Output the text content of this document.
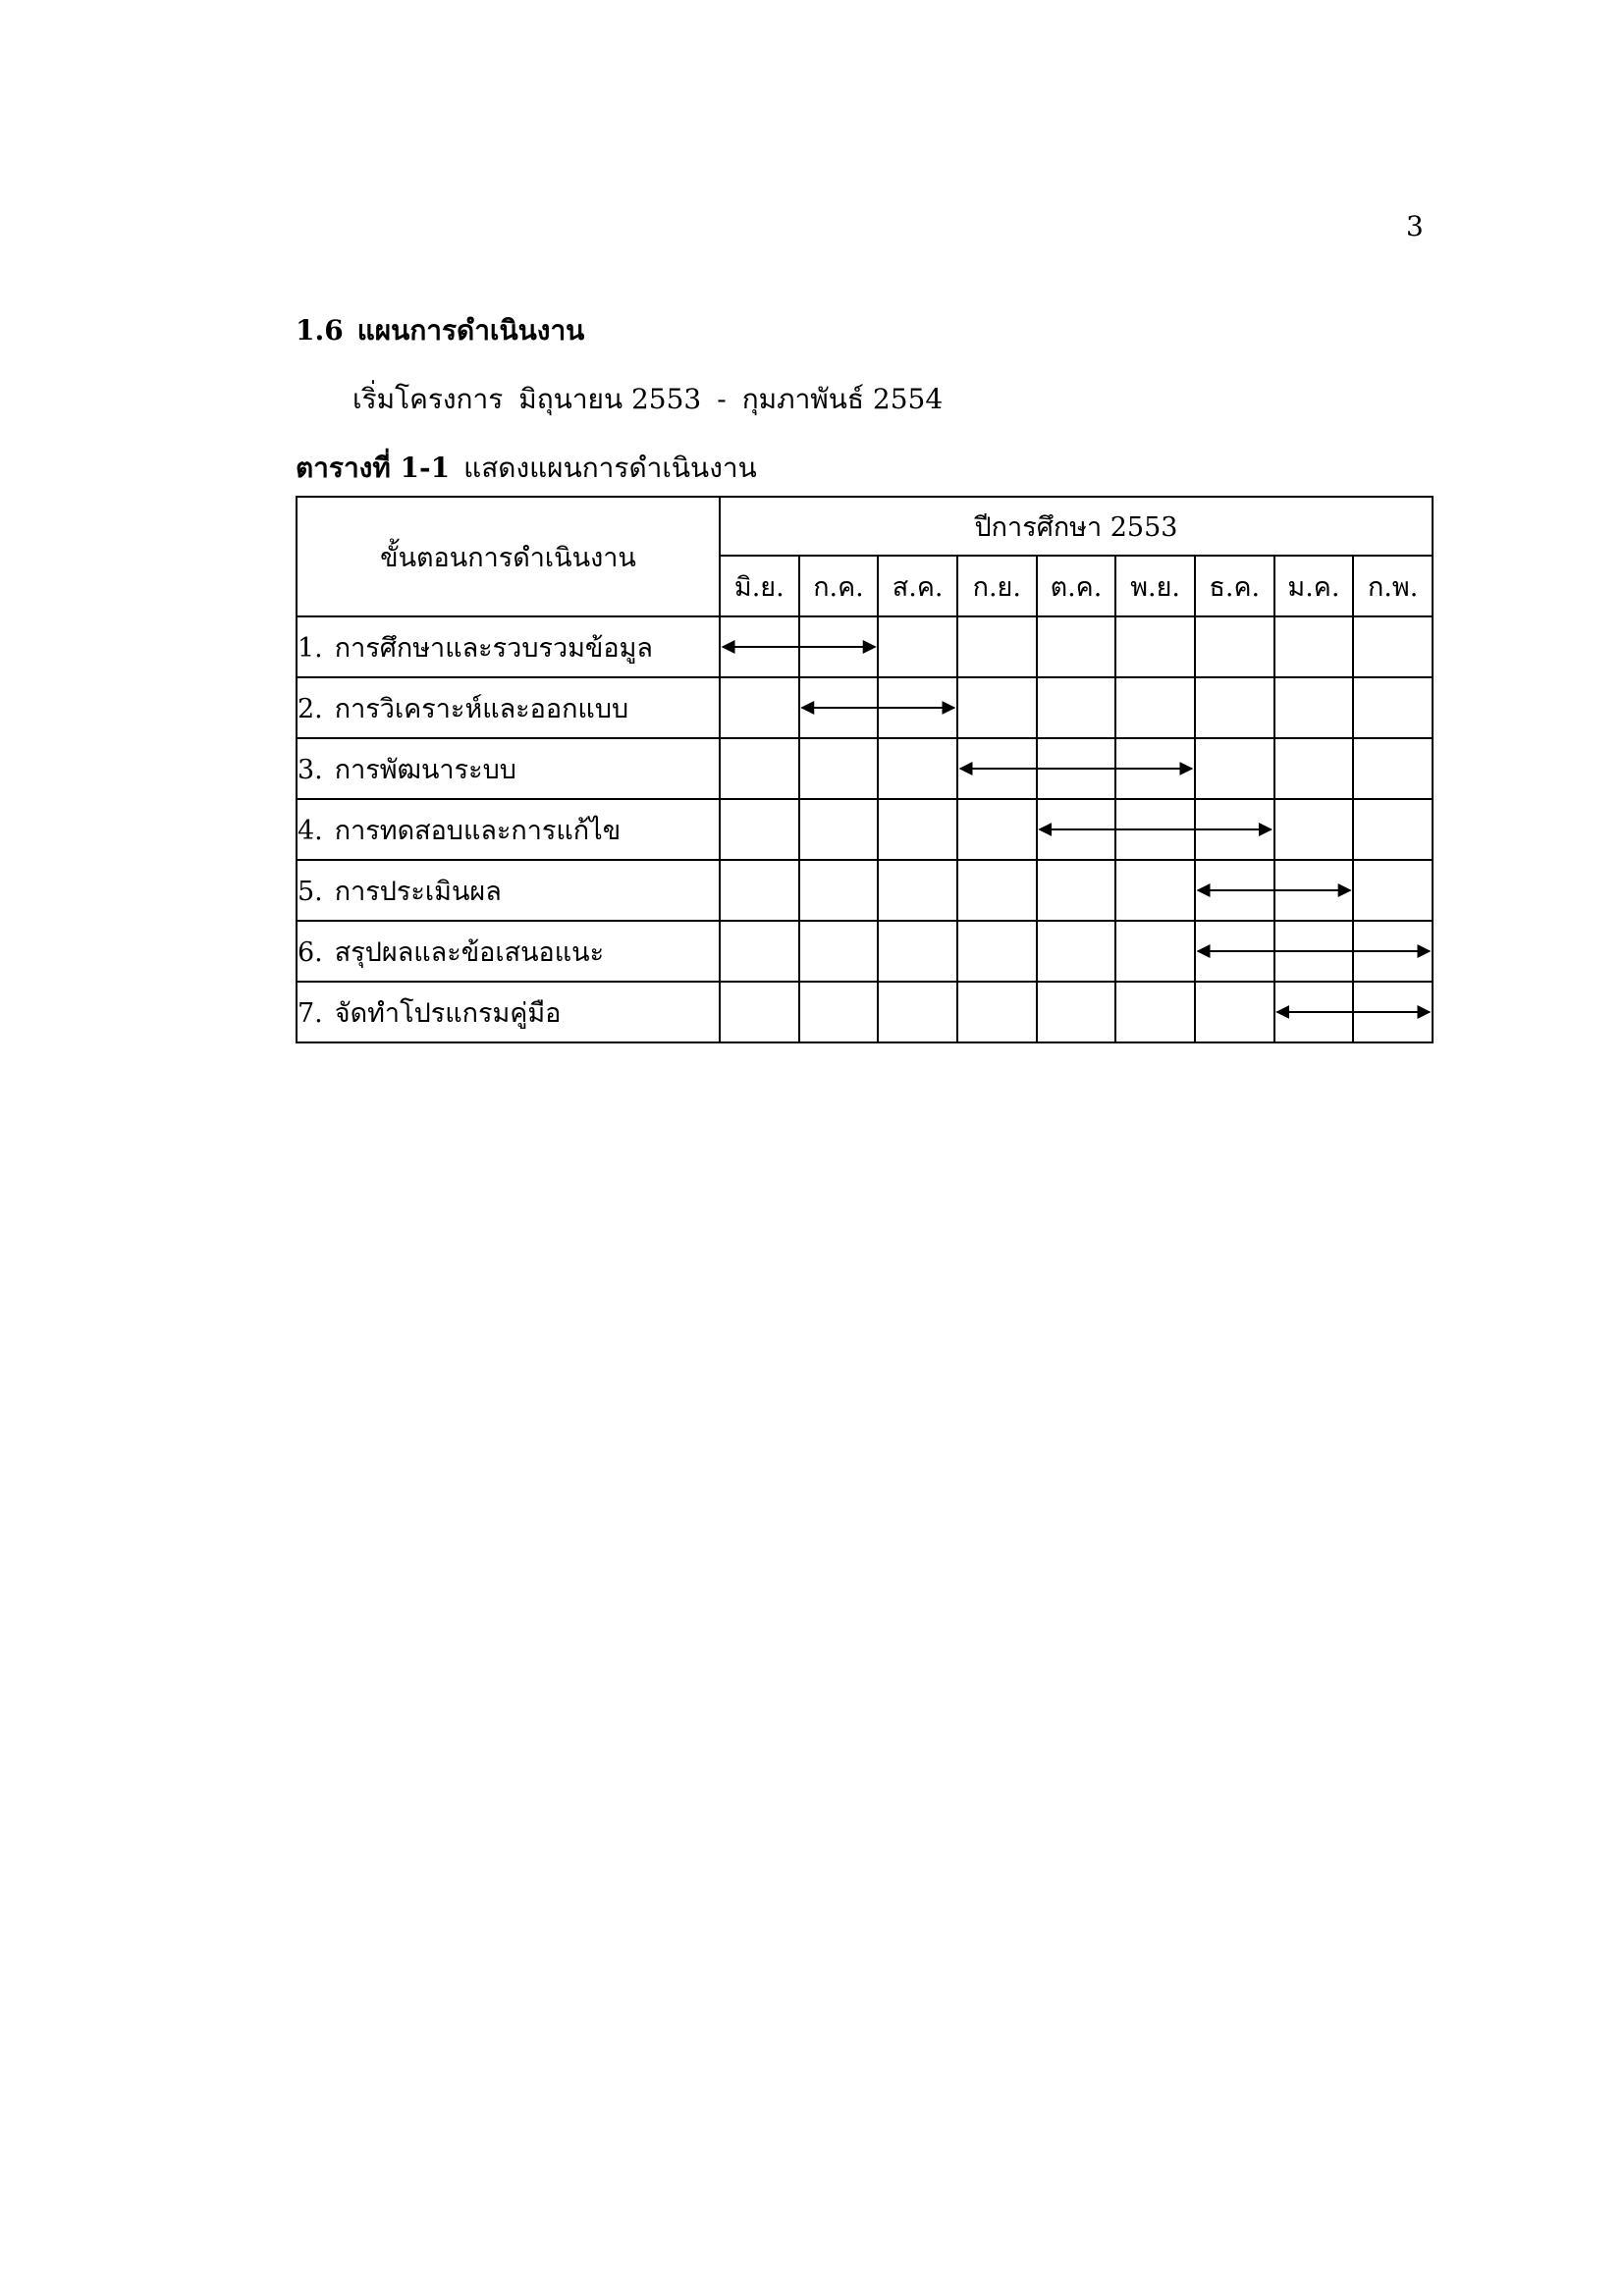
3
1.6 แผนการดำเนินงาน
เริ่มโครงการ มิถุนายน 2553 - กุมภาพันธ์ 2554
ตารางที่ 1-1 แสดงแผนการดำเนินงาน
ขั้นตอนการดำเนินงาน	ปีการศึกษา 2553								
	มิ.ย.	ก.ค.	ส.ค.	ก.ย.	ต.ค.	พ.ย.	ธ.ค.	ม.ค.	ก.พ.
1. การศึกษาและรวบรวมข้อมูล									
2. การวิเคราะห์และออกแบบ									
3. การพัฒนาระบบ									
4. การทดสอบและการแก้ไข									
5. การประเมินผล									
6. สรุปผลและข้อเสนอแนะ									
7. จัดทำโปรแกรมคู่มือ									
